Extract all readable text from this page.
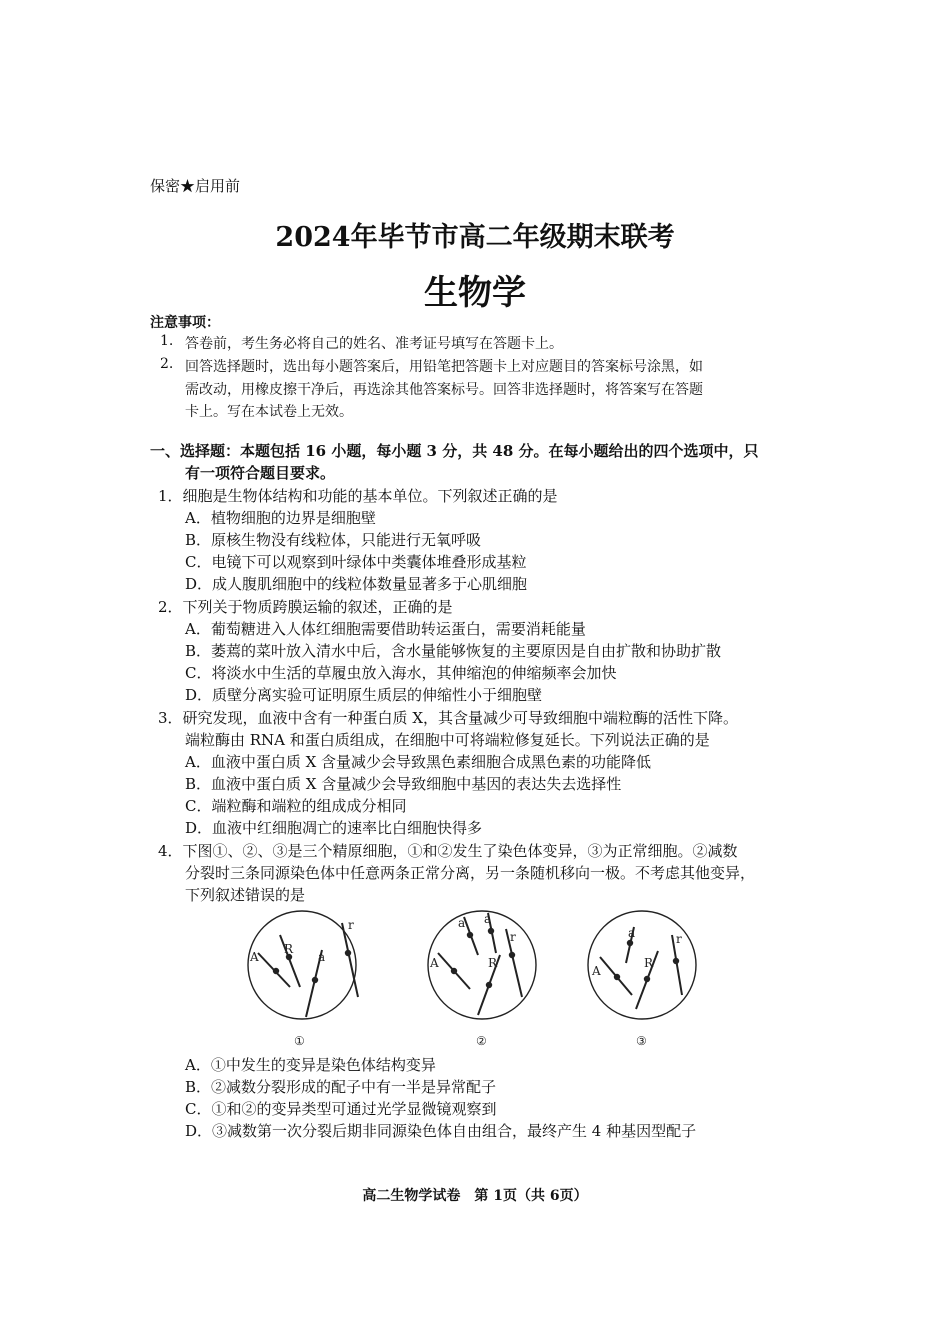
保密★启用前
2024年毕节市高二年级期末联考
生物学
注意事项：
1. 答卷前，考生务必将自己的姓名、准考证号填写在答题卡上。
2. 回答选择题时，选出每小题答案后，用铅笔把答题卡上对应题目的答案标号涂黑，如
需改动，用橡皮擦干净后，再选涂其他答案标号。回答非选择题时，将答案写在答题
卡上。写在本试卷上无效。
一、选择题：本题包括 16 小题，每小题 3 分，共 48 分。在每小题给出的四个选项中，只
有一项符合题目要求。
1．细胞是生物体结构和功能的基本单位。下列叙述正确的是
A．植物细胞的边界是细胞壁
B．原核生物没有线粒体，只能进行无氧呼吸
C．电镜下可以观察到叶绿体中类囊体堆叠形成基粒
D．成人腹肌细胞中的线粒体数量显著多于心肌细胞
2．下列关于物质跨膜运输的叙述，正确的是
A．葡萄糖进入人体红细胞需要借助转运蛋白，需要消耗能量
B．萎蔫的菜叶放入清水中后，含水量能够恢复的主要原因是自由扩散和协助扩散
C．将淡水中生活的草履虫放入海水，其伸缩泡的伸缩频率会加快
D．质壁分离实验可证明原生质层的伸缩性小于细胞壁
3．研究发现，血液中含有一种蛋白质 X，其含量减少可导致细胞中端粒酶的活性下降。
端粒酶由 RNA 和蛋白质组成，在细胞中可将端粒修复延长。下列说法正确的是
A．血液中蛋白质 X 含量减少会导致黑色素细胞合成黑色素的功能降低
B．血液中蛋白质 X 含量减少会导致细胞中基因的表达失去选择性
C．端粒酶和端粒的组成成分相同
D．血液中红细胞凋亡的速率比白细胞快得多
4．下图①、②、③是三个精原细胞，①和②发生了染色体变异，③为正常细胞。②减数
分裂时三条同源染色体中任意两条正常分离，另一条随机移向一极。不考虑其他变异，
下列叙述错误的是
A
R
a
r
①
A
a a
R
r
②
A
a
R
r
③
A．①中发生的变异是染色体结构变异
B．②减数分裂形成的配子中有一半是异常配子
C．①和②的变异类型可通过光学显微镜观察到
D．③减数第一次分裂后期非同源染色体自由组合，最终产生 4 种基因型配子
高二生物学试卷　第 1页（共 6页）
